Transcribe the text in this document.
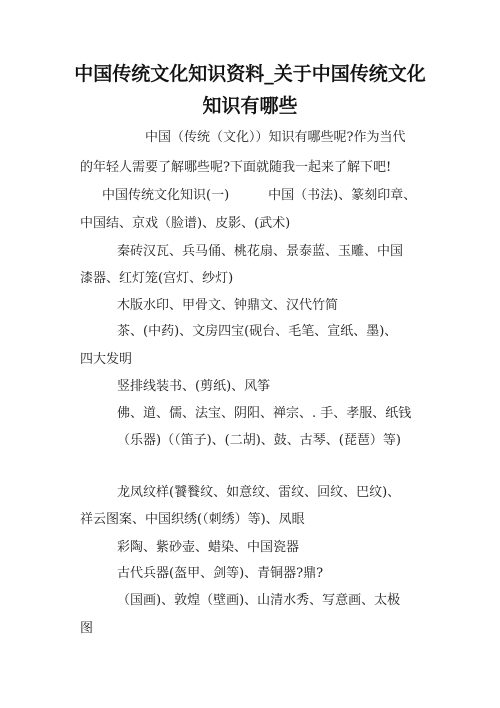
中国传统文化知识资料_关于中国传统文化
知识有哪些
中国（传统（文化））知识有哪些呢?作为当代
的年轻人需要了解哪些呢?下面就随我一起来了解下吧!
中国传统文化知识(一)　　　中国（书法)、篆刻印章、
中国结、京戏（脸谱)、皮影、(武术)
秦砖汉瓦、兵马俑、桃花扇、景泰蓝、玉雕、中国
漆器、红灯笼(宫灯、纱灯)
木版水印、甲骨文、钟鼎文、汉代竹简
茶、(中药)、文房四宝(砚台、毛笔、宣纸、墨)、
四大发明
竖排线装书、(剪纸)、风筝
佛、道、儒、法宝、阴阳、禅宗、. 手、孝服、纸钱
（乐器)（（笛子)、(二胡)、鼓、古琴、(琵琶）等)
龙凤纹样(饕餮纹、如意纹、雷纹、回纹、巴纹)、
祥云图案、中国织绣(（刺绣）等)、凤眼
彩陶、紫砂壶、蜡染、中国瓷器
古代兵器(盔甲、剑等)、青铜器?鼎?
（国画)、敦煌（壁画)、山清水秀、写意画、太极
图
